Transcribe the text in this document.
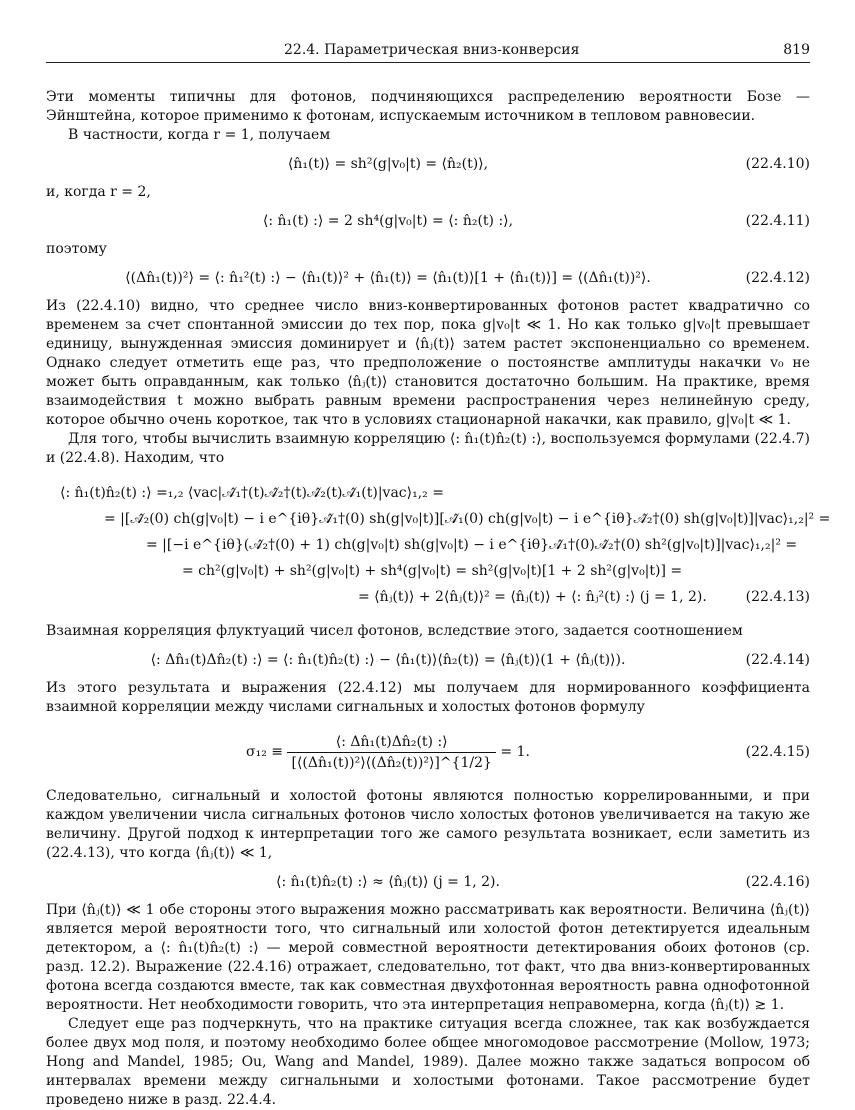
22.4. Параметрическая вниз-конверсия	819

Эти моменты типичны для фотонов, подчиняющихся распределению вероятности Бозе — Эйнштейна, которое применимо к фотонам, испускаемым источником в тепловом равновесии.

В частности, когда r = 1, получаем

⟨n̂₁(t)⟩ = sh²(g|v₀|t) = ⟨n̂₂(t)⟩,	(22.4.10)

и, когда r = 2,

⟨: n̂₁(t) :⟩ = 2 sh⁴(g|v₀|t) = ⟨: n̂₂(t) :⟩,	(22.4.11)

поэтому

⟨(Δn̂₁(t))²⟩ = ⟨: n̂₁²(t) :⟩ − ⟨n̂₁(t)⟩² + ⟨n̂₁(t)⟩ = ⟨n̂₁(t)⟩[1 + ⟨n̂₁(t)⟩] = ⟨(Δn̂₁(t))²⟩.	(22.4.12)

Из (22.4.10) видно, что среднее число вниз-конвертированных фотонов растет квадратично со временем за счет спонтанной эмиссии до тех пор, пока g|v₀|t ≪ 1. Но как только g|v₀|t превышает единицу, вынужденная эмиссия доминирует и ⟨n̂ⱼ(t)⟩ затем растет экспоненциально со временем. Однако следует отметить еще раз, что предположение о постоянстве амплитуды накачки v₀ не может быть оправданным, как только ⟨n̂ⱼ(t)⟩ становится достаточно большим. На практике, время взаимодействия t можно выбрать равным времени распространения через нелинейную среду, которое обычно очень короткое, так что в условиях стационарной накачки, как правило, g|v₀|t ≪ 1.

Для того, чтобы вычислить взаимную корреляцию ⟨: n̂₁(t)n̂₂(t) :⟩, воспользуемся формулами (22.4.7) и (22.4.8). Находим, что

⟨: n̂₁(t)n̂₂(t) :⟩ =₁,₂ ⟨vac|𝒜̂₁†(t)𝒜̂₂†(t)𝒜̂₂(t)𝒜̂₁(t)|vac⟩₁,₂ =
= |[𝒜̂₂(0) ch(g|v₀|t) − i e^{iθ}𝒜̂₁†(0) sh(g|v₀|t)][𝒜̂₁(0) ch(g|v₀|t) − i e^{iθ}𝒜̂₂†(0) sh(g|v₀|t)]|vac⟩₁,₂|² =
= |[−i e^{iθ}(𝒜̂₂†(0) + 1) ch(g|v₀|t) sh(g|v₀|t) − i e^{iθ}𝒜̂₁†(0)𝒜̂₂†(0) sh²(g|v₀|t)]|vac⟩₁,₂|² =
= ch²(g|v₀|t) + sh²(g|v₀|t) + sh⁴(g|v₀|t) = sh²(g|v₀|t)[1 + 2 sh²(g|v₀|t)] =
= ⟨n̂ⱼ(t)⟩ + 2⟨n̂ⱼ(t)⟩² = ⟨n̂ⱼ(t)⟩ + ⟨: n̂ⱼ²(t) :⟩ (j = 1, 2).	(22.4.13)

Взаимная корреляция флуктуаций чисел фотонов, вследствие этого, задается соотношением

⟨: Δn̂₁(t)Δn̂₂(t) :⟩ = ⟨: n̂₁(t)n̂₂(t) :⟩ − ⟨n̂₁(t)⟩⟨n̂₂(t)⟩ = ⟨n̂ⱼ(t)⟩(1 + ⟨n̂ⱼ(t)⟩).	(22.4.14)

Из этого результата и выражения (22.4.12) мы получаем для нормированного коэффициента взаимной корреляции между числами сигнальных и холостых фотонов формулу

$\sigma_{12} \equiv \frac{\text{⟨: Δn̂₁(t)Δn̂₂(t) :⟩}}{\text{[⟨(Δn̂₁(t))²⟩⟨(Δn̂₂(t))²⟩]\textasciicircum{}\{1/2\}}} = 1$.	(22.4.15)

Следовательно, сигнальный и холостой фотоны являются полностью коррелированными, и при каждом увеличении числа сигнальных фотонов число холостых фотонов увеличивается на такую же величину. Другой подход к интерпретации того же самого результата возникает, если заметить из (22.4.13), что когда ⟨n̂ⱼ(t)⟩ ≪ 1,

⟨: n̂₁(t)n̂₂(t) :⟩ ≈ ⟨n̂ⱼ(t)⟩ (j = 1, 2).	(22.4.16)

При ⟨n̂ⱼ(t)⟩ ≪ 1 обе стороны этого выражения можно рассматривать как вероятности. Величина ⟨n̂ⱼ(t)⟩ является мерой вероятности того, что сигнальный или холостой фотон детектируется идеальным детектором, а ⟨: n̂₁(t)n̂₂(t) :⟩ — мерой совместной вероятности детектирования обоих фотонов (ср. разд. 12.2). Выражение (22.4.16) отражает, следовательно, тот факт, что два вниз-конвертированных фотона всегда создаются вместе, так как совместная двухфотонная вероятность равна однофотонной вероятности. Нет необходимости говорить, что эта интерпретация неправомерна, когда ⟨n̂ⱼ(t)⟩ ≳ 1.

Следует еще раз подчеркнуть, что на практике ситуация всегда сложнее, так как возбуждается более двух мод поля, и поэтому необходимо более общее многомодовое рассмотрение (Mollow, 1973; Hong and Mandel, 1985; Ou, Wang and Mandel, 1989). Далее можно также задаться вопросом об интервалах времени между сигнальными и холостыми фотонами. Такое рассмотрение будет проведено ниже в разд. 22.4.4.
